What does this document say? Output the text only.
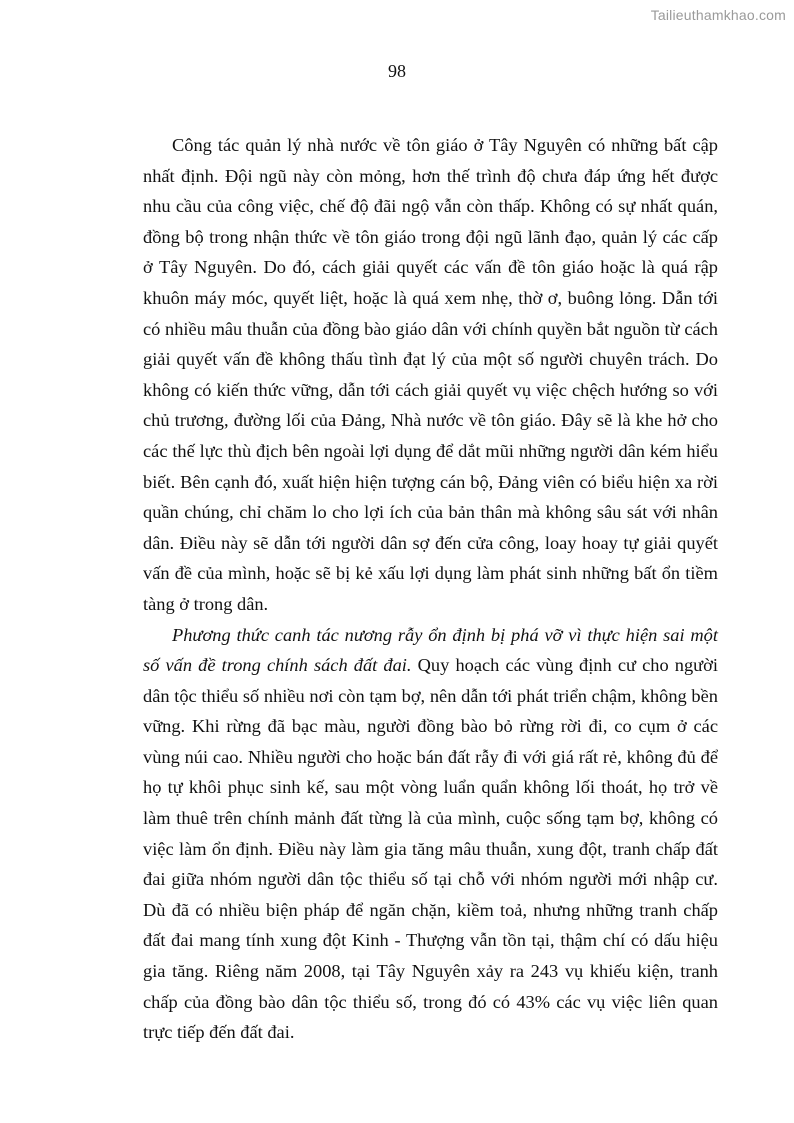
Tailieuthamkhao.com
98

Công tác quản lý nhà nước về tôn giáo ở Tây Nguyên có những bất cập nhất định. Đội ngũ này còn mỏng, hơn thế trình độ chưa đáp ứng hết được nhu cầu của công việc, chế độ đãi ngộ vẫn còn thấp. Không có sự nhất quán, đồng bộ trong nhận thức về tôn giáo trong đội ngũ lãnh đạo, quản lý các cấp ở Tây Nguyên. Do đó, cách giải quyết các vấn đề tôn giáo hoặc là quá rập khuôn máy móc, quyết liệt, hoặc là quá xem nhẹ, thờ ơ, buông lỏng. Dẫn tới có nhiều mâu thuẫn của đồng bào giáo dân với chính quyền bắt nguồn từ cách giải quyết vấn đề không thấu tình đạt lý của một số người chuyên trách. Do không có kiến thức vững, dẫn tới cách giải quyết vụ việc chệch hướng so với chủ trương, đường lối của Đảng, Nhà nước về tôn giáo. Đây sẽ là khe hở cho các thế lực thù địch bên ngoài lợi dụng để dắt mũi những người dân kém hiểu biết. Bên cạnh đó, xuất hiện hiện tượng cán bộ, Đảng viên có biểu hiện xa rời quần chúng, chỉ chăm lo cho lợi ích của bản thân mà không sâu sát với nhân dân. Điều này sẽ dẫn tới người dân sợ đến cửa công, loay hoay tự giải quyết vấn đề của mình, hoặc sẽ bị kẻ xấu lợi dụng làm phát sinh những bất ổn tiềm tàng ở trong dân.

Phương thức canh tác nương rẫy ổn định bị phá vỡ vì thực hiện sai một số vấn đề trong chính sách đất đai. Quy hoạch các vùng định cư cho người dân tộc thiểu số nhiều nơi còn tạm bợ, nên dẫn tới phát triển chậm, không bền vững. Khi rừng đã bạc màu, người đồng bào bỏ rừng rời đi, co cụm ở các vùng núi cao. Nhiều người cho hoặc bán đất rẫy đi với giá rất rẻ, không đủ để họ tự khôi phục sinh kế, sau một vòng luẩn quẩn không lối thoát, họ trở về làm thuê trên chính mảnh đất từng là của mình, cuộc sống tạm bợ, không có việc làm ổn định. Điều này làm gia tăng mâu thuẫn, xung đột, tranh chấp đất đai giữa nhóm người dân tộc thiểu số tại chỗ với nhóm người mới nhập cư. Dù đã có nhiều biện pháp để ngăn chặn, kiềm toả, nhưng những tranh chấp đất đai mang tính xung đột Kinh - Thượng vẫn tồn tại, thậm chí có dấu hiệu gia tăng. Riêng năm 2008, tại Tây Nguyên xảy ra 243 vụ khiếu kiện, tranh chấp của đồng bào dân tộc thiểu số, trong đó có 43% các vụ việc liên quan trực tiếp đến đất đai.
